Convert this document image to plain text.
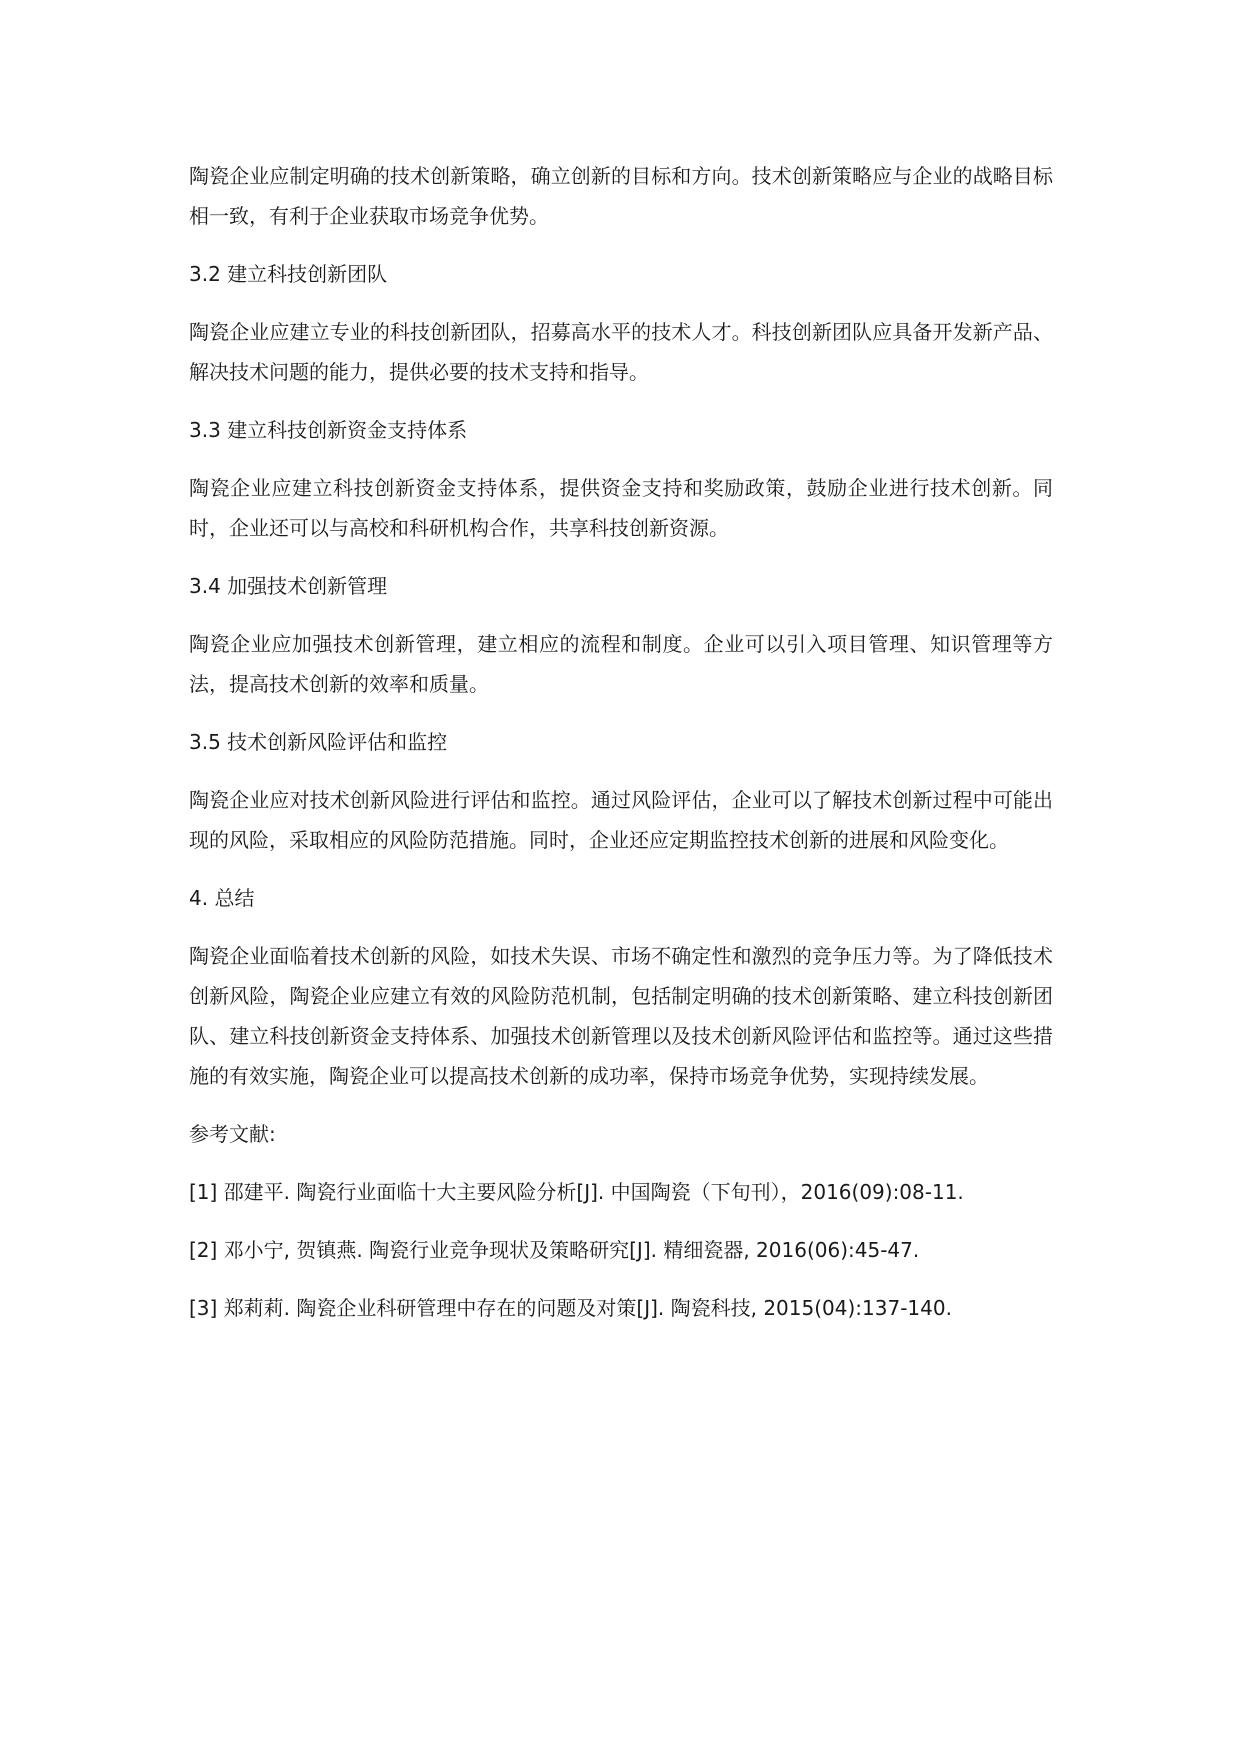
陶瓷企业应制定明确的技术创新策略，确立创新的目标和方向。技术创新策略应与企业的战略目标相一致，有利于企业获取市场竞争优势。

3.2 建立科技创新团队

陶瓷企业应建立专业的科技创新团队，招募高水平的技术人才。科技创新团队应具备开发新产品、解决技术问题的能力，提供必要的技术支持和指导。

3.3 建立科技创新资金支持体系

陶瓷企业应建立科技创新资金支持体系，提供资金支持和奖励政策，鼓励企业进行技术创新。同时，企业还可以与高校和科研机构合作，共享科技创新资源。

3.4 加强技术创新管理

陶瓷企业应加强技术创新管理，建立相应的流程和制度。企业可以引入项目管理、知识管理等方法，提高技术创新的效率和质量。

3.5 技术创新风险评估和监控

陶瓷企业应对技术创新风险进行评估和监控。通过风险评估，企业可以了解技术创新过程中可能出现的风险，采取相应的风险防范措施。同时，企业还应定期监控技术创新的进展和风险变化。

4. 总结

陶瓷企业面临着技术创新的风险，如技术失误、市场不确定性和激烈的竞争压力等。为了降低技术创新风险，陶瓷企业应建立有效的风险防范机制，包括制定明确的技术创新策略、建立科技创新团队、建立科技创新资金支持体系、加强技术创新管理以及技术创新风险评估和监控等。通过这些措施的有效实施，陶瓷企业可以提高技术创新的成功率，保持市场竞争优势，实现持续发展。

参考文献:

[1] 邵建平. 陶瓷行业面临十大主要风险分析[J]. 中国陶瓷（下旬刊），2016(09):08-11.

[2] 邓小宁, 贺镇燕. 陶瓷行业竞争现状及策略研究[J]. 精细瓷器, 2016(06):45-47.

[3] 郑莉莉. 陶瓷企业科研管理中存在的问题及对策[J]. 陶瓷科技, 2015(04):137-140.
